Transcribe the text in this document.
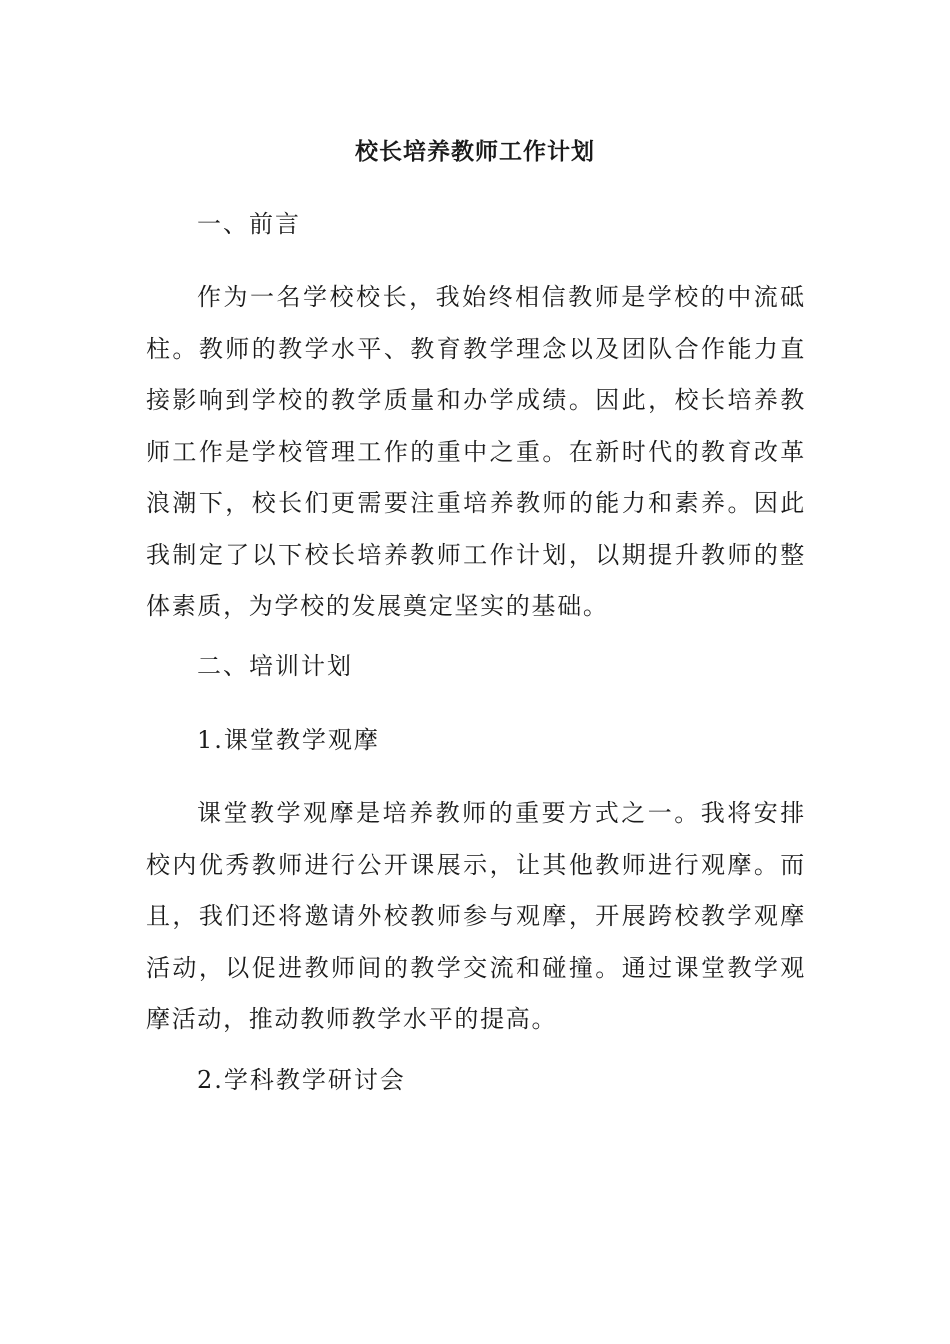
校长培养教师工作计划

一、前言

作为一名学校校长，我始终相信教师是学校的中流砥柱。教师的教学水平、教育教学理念以及团队合作能力直接影响到学校的教学质量和办学成绩。因此，校长培养教师工作是学校管理工作的重中之重。在新时代的教育改革浪潮下，校长们更需要注重培养教师的能力和素养。因此我制定了以下校长培养教师工作计划，以期提升教师的整体素质，为学校的发展奠定坚实的基础。

二、培训计划

1.课堂教学观摩

课堂教学观摩是培养教师的重要方式之一。我将安排校内优秀教师进行公开课展示，让其他教师进行观摩。而且，我们还将邀请外校教师参与观摩，开展跨校教学观摩活动，以促进教师间的教学交流和碰撞。通过课堂教学观摩活动，推动教师教学水平的提高。

2.学科教学研讨会
